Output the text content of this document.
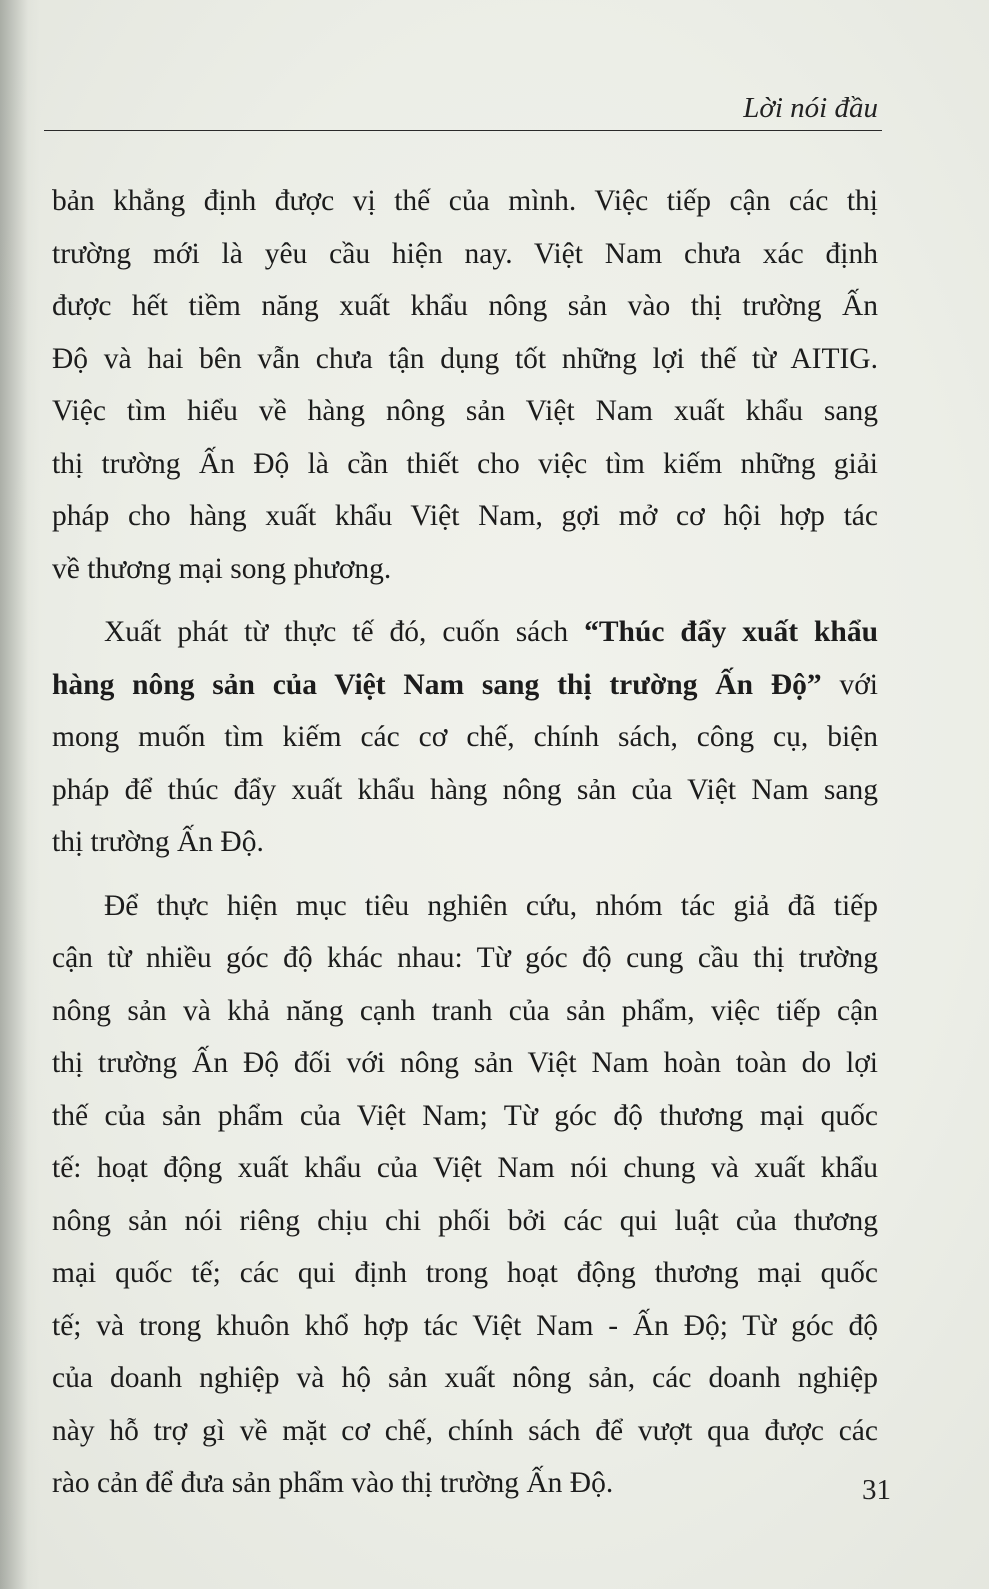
Lời nói đầu
bản khẳng định được vị thế của mình. Việc tiếp cận các thị
trường mới là yêu cầu hiện nay. Việt Nam chưa xác định
được hết tiềm năng xuất khẩu nông sản vào thị trường Ấn
Độ và hai bên vẫn chưa tận dụng tốt những lợi thế từ AITIG.
Việc tìm hiểu về hàng nông sản Việt Nam xuất khẩu sang
thị trường Ấn Độ là cần thiết cho việc tìm kiếm những giải
pháp cho hàng xuất khẩu Việt Nam, gợi mở cơ hội hợp tác
về thương mại song phương.
Xuất phát từ thực tế đó, cuốn sách “Thúc đẩy xuất khẩu
hàng nông sản của Việt Nam sang thị trường Ấn Độ” với
mong muốn tìm kiếm các cơ chế, chính sách, công cụ, biện
pháp để thúc đẩy xuất khẩu hàng nông sản của Việt Nam sang
thị trường Ấn Độ.
Để thực hiện mục tiêu nghiên cứu, nhóm tác giả đã tiếp
cận từ nhiều góc độ khác nhau: Từ góc độ cung cầu thị trường
nông sản và khả năng cạnh tranh của sản phẩm, việc tiếp cận
thị trường Ấn Độ đối với nông sản Việt Nam hoàn toàn do lợi
thế của sản phẩm của Việt Nam; Từ góc độ thương mại quốc
tế: hoạt động xuất khẩu của Việt Nam nói chung và xuất khẩu
nông sản nói riêng chịu chi phối bởi các qui luật của thương
mại quốc tế; các qui định trong hoạt động thương mại quốc
tế; và trong khuôn khổ hợp tác Việt Nam - Ấn Độ; Từ góc độ
của doanh nghiệp và hộ sản xuất nông sản, các doanh nghiệp
này hỗ trợ gì về mặt cơ chế, chính sách để vượt qua được các
rào cản để đưa sản phẩm vào thị trường Ấn Độ.	31
